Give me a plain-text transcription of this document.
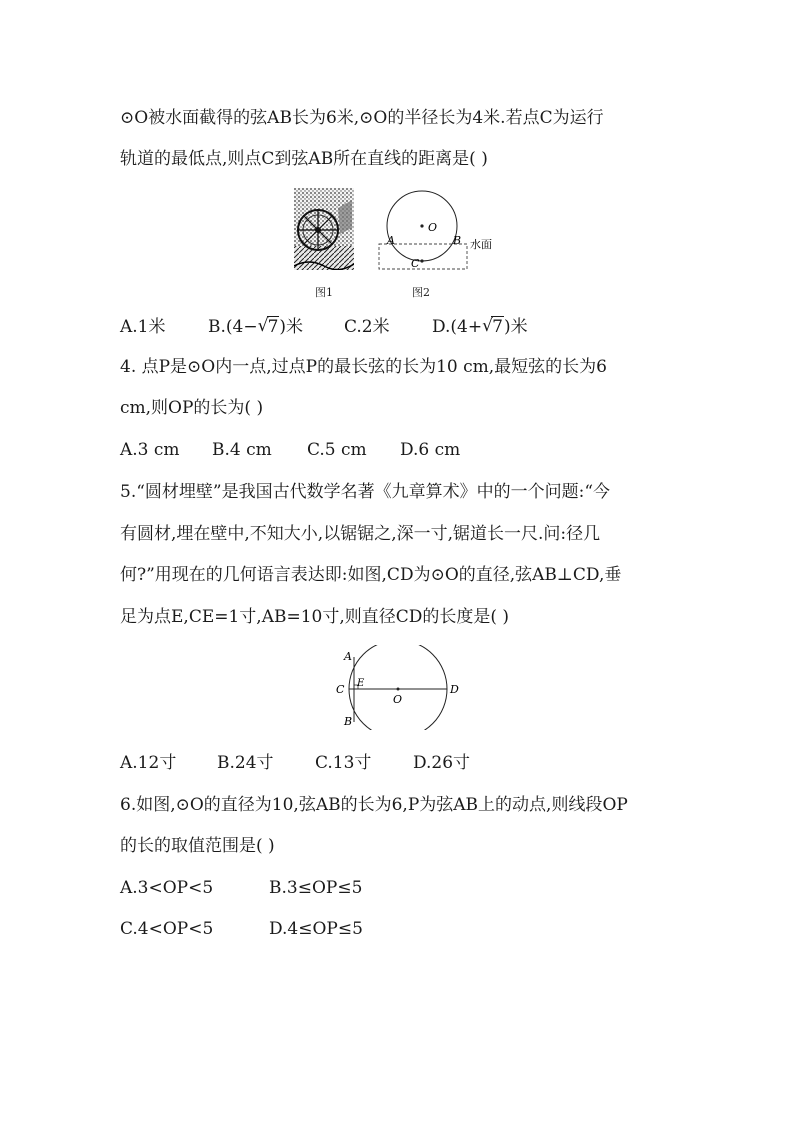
⊙O被水面截得的弦AB长为6米,⊙O的半径长为4米.若点C为运行
轨道的最低点,则点C到弦AB所在直线的距离是( )
O
A	B
C
水面
图1	图2
A.1米	B.(4− √ 7)米 C.2米 D.(4+ √ 7)米
4. 点P是⊙O内一点,过点P的最长弦的长为10 cm,最短弦的长为6
cm,则OP的长为( )
A.3 cm B.4 cm C.5 cm D.6 cm
5.“圆材埋壁”是我国古代数学名著《九章算术》中的一个问题:“今
有圆材,埋在壁中,不知大小,以锯锯之,深一寸,锯道长一尺.问:径几
何?”用现在的几何语言表达即:如图,CD为⊙O的直径,弦AB⊥CD,垂
足为点E,CE=1寸,AB=10寸,则直径CD的长度是( )
A
B
C E	D
O
A.12寸 B.24寸 C.13寸 D.26寸
6.如图,⊙O的直径为10,弦AB的长为6,P为弦AB上的动点,则线段OP
的长的取值范围是( )
A.3<OP<5	B.3≤OP≤5
C.4<OP<5	D.4≤OP≤5
